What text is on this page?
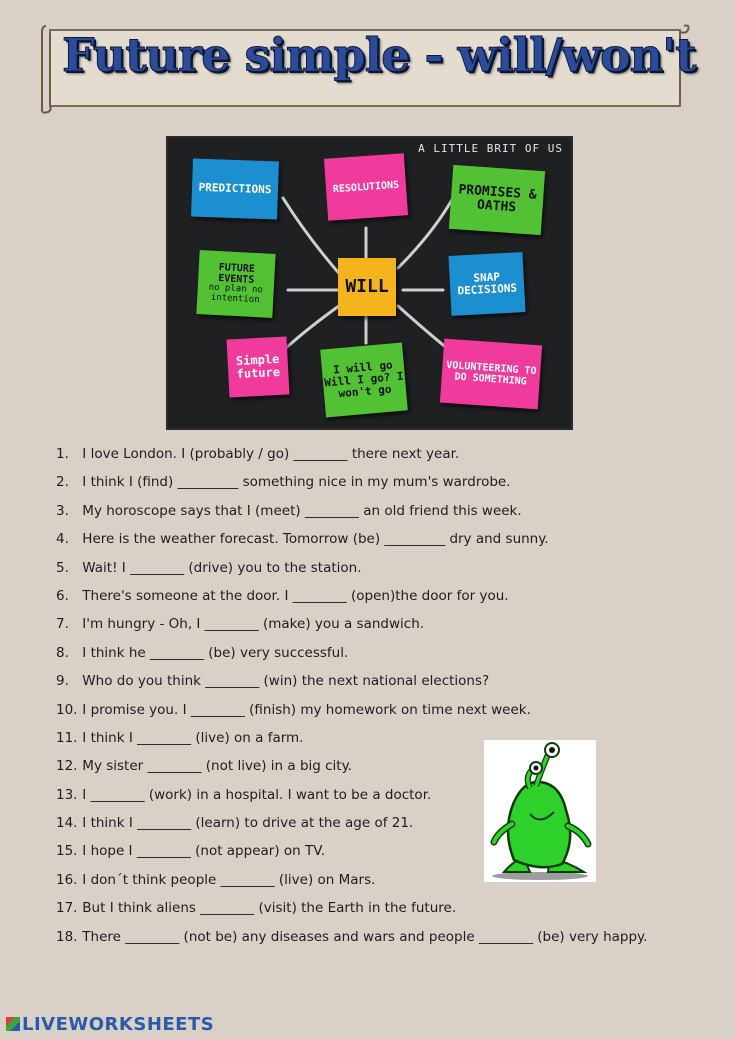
Future simple - will/won't
A LITTLE BRIT OF US
PREDICTIONS	RESOLUTIONS	PROMISES & OATHS
WILL
FUTURE EVENTS
no plan no intention
SNAP DECISIONS
Simple future	I will go Will I go? I won't go
VOLUNTEERING TO DO SOMETHING
1. I love London. I (probably / go) ________ there next year.
2. I think I (find) _________ something nice in my mum's wardrobe.
3. My horoscope says that I (meet) ________ an old friend this week.
4. Here is the weather forecast. Tomorrow (be) _________ dry and sunny.
5. Wait! I ________ (drive) you to the station.
6. There's someone at the door. I ________ (open)the door for you.
7. I'm hungry - Oh, I ________ (make) you a sandwich.
8. I think he ________ (be) very successful.
9. Who do you think ________ (win) the next national elections?
10. I promise you. I ________ (finish) my homework on time next week.
11. I think I ________ (live) on a farm.
12. My sister ________ (not live) in a big city.
13. I ________ (work) in a hospital. I want to be a doctor.
14. I think I ________ (learn) to drive at the age of 21.
15. I hope I ________ (not appear) on TV.
16. I don´t think people ________ (live) on Mars.
17. But I think aliens ________ (visit) the Earth in the future.
18. There ________ (not be) any diseases and wars and people ________ (be) very happy.
LIVEWORKSHEETS
